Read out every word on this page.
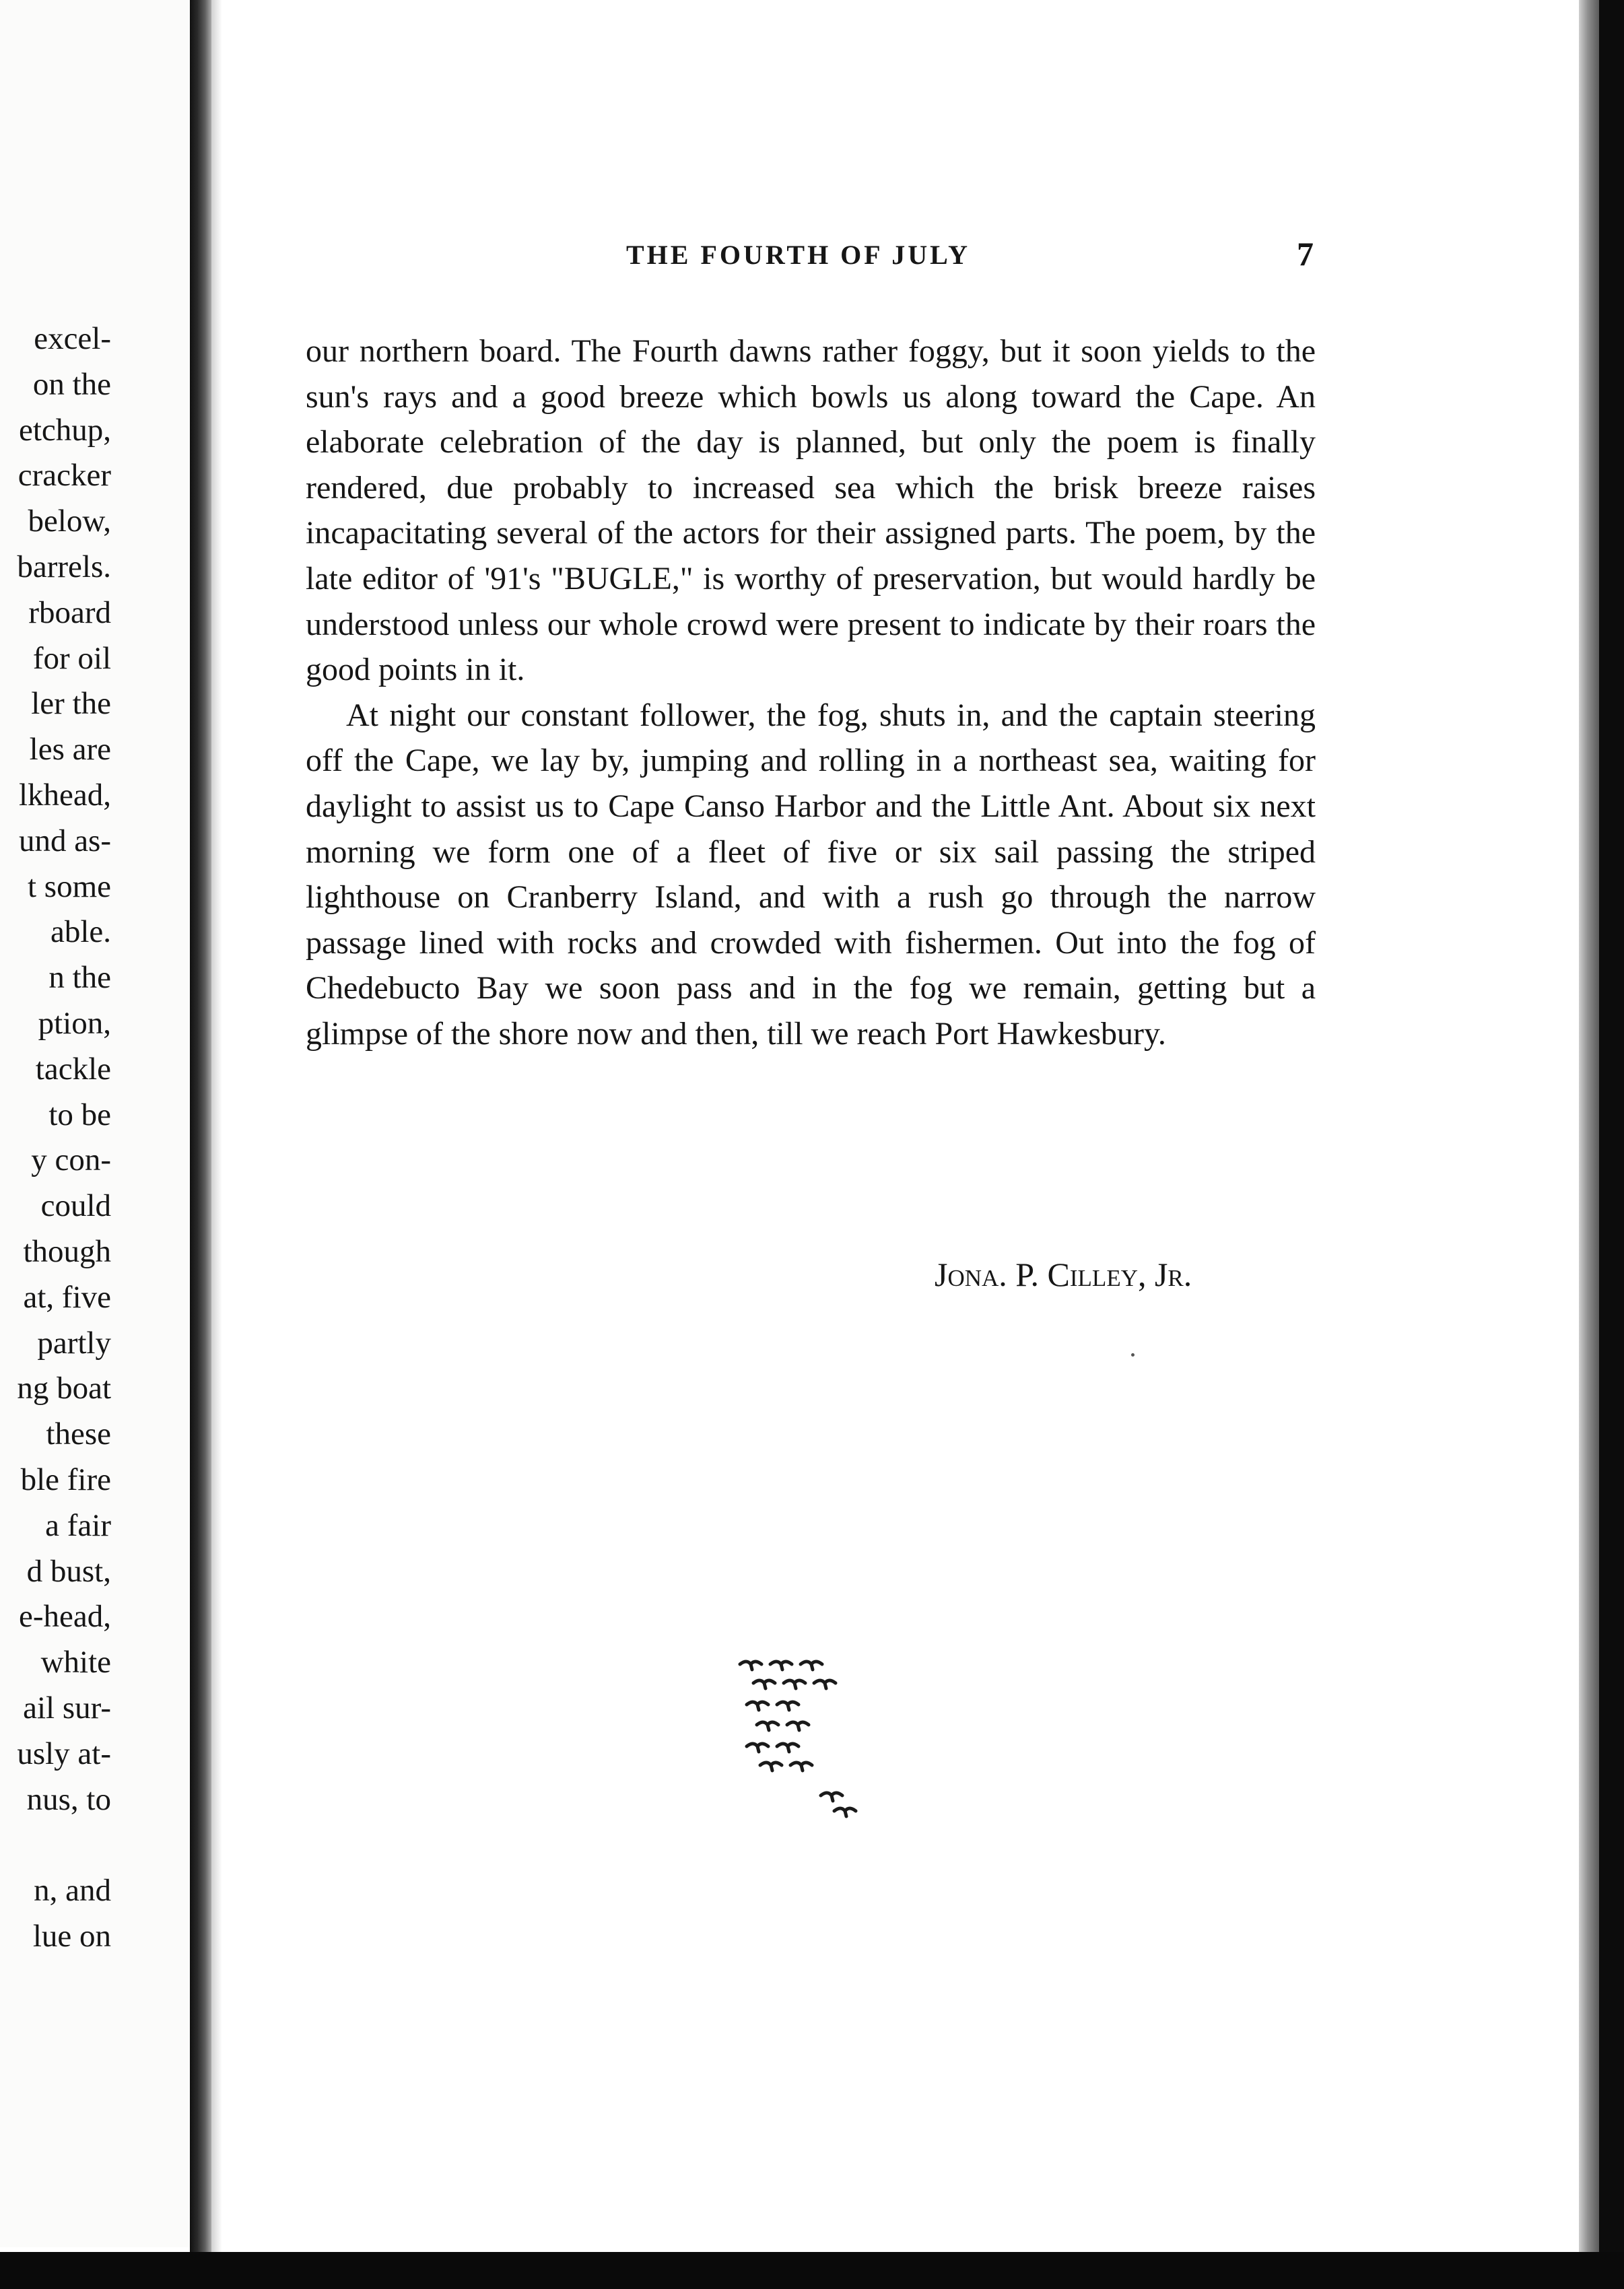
excel-
on the
etchup,
cracker
below,
barrels.
rboard
for oil
ler the
les are
lkhead,
und as-
t some
able.
n the
ption,
tackle
to be
y con-
could
though
at, five
partly
ng boat
these
ble fire
a fair
d bust,
e-head,
white
ail sur-
usly at-
nus, to
n, and
lue on
THE FOURTH OF JULY	7

our northern board. The Fourth dawns rather foggy, but it soon yields to the sun's rays and a good breeze which bowls us along toward the Cape. An elaborate celebration of the day is planned, but only the poem is finally rendered, due probably to increased sea which the brisk breeze raises incapacitating several of the actors for their assigned parts. The poem, by the late editor of '91's "BUGLE," is worthy of preservation, but would hardly be understood unless our whole crowd were present to indicate by their roars the good points in it.

At night our constant follower, the fog, shuts in, and the captain steering off the Cape, we lay by, jumping and rolling in a northeast sea, waiting for daylight to assist us to Cape Canso Harbor and the Little Ant. About six next morning we form one of a fleet of five or six sail passing the striped lighthouse on Cranberry Island, and with a rush go through the narrow passage lined with rocks and crowded with fishermen. Out into the fog of Chedebucto Bay we soon pass and in the fog we remain, getting but a glimpse of the shore now and then, till we reach Port Hawkesbury.

Jona. P. Cilley, Jr.
